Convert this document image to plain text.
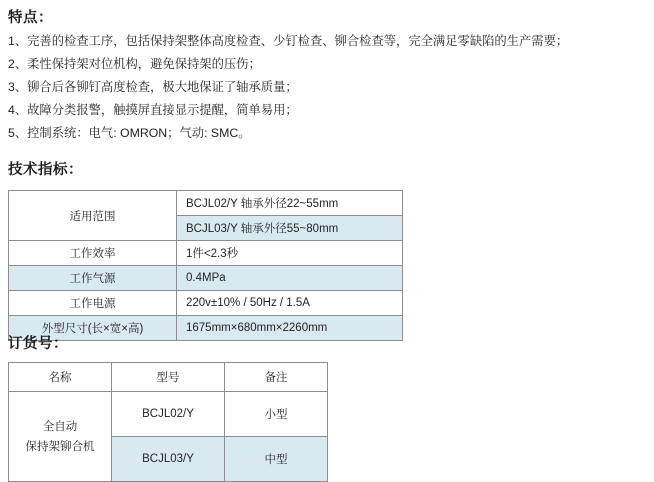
特点：
1、完善的检查工序，包括保持架整体高度检查、少钉检查、铆合检查等，完全满足零缺陷的生产需要；
2、柔性保持架对位机构，避免保持架的压伤；
3、铆合后各铆钉高度检查，极大地保证了轴承质量；
4、故障分类报警，触摸屏直接显示提醒，简单易用；
5、控制系统：电气: OMRON；气动: SMC。
技术指标：
适用范围	BCJL02/Y 轴承外径22~55mm
	BCJL03/Y 轴承外径55~80mm
工作效率	1件<2.3秒
工作气源	0.4MPa
工作电源	220v±10% / 50Hz / 1.5A
外型尺寸(长×宽×高)	1675mm×680mm×2260mm
订货号：
名称	型号	备注

全自动
保持架铆合机	BCJL02/Y	小型
	BCJL03/Y	中型
